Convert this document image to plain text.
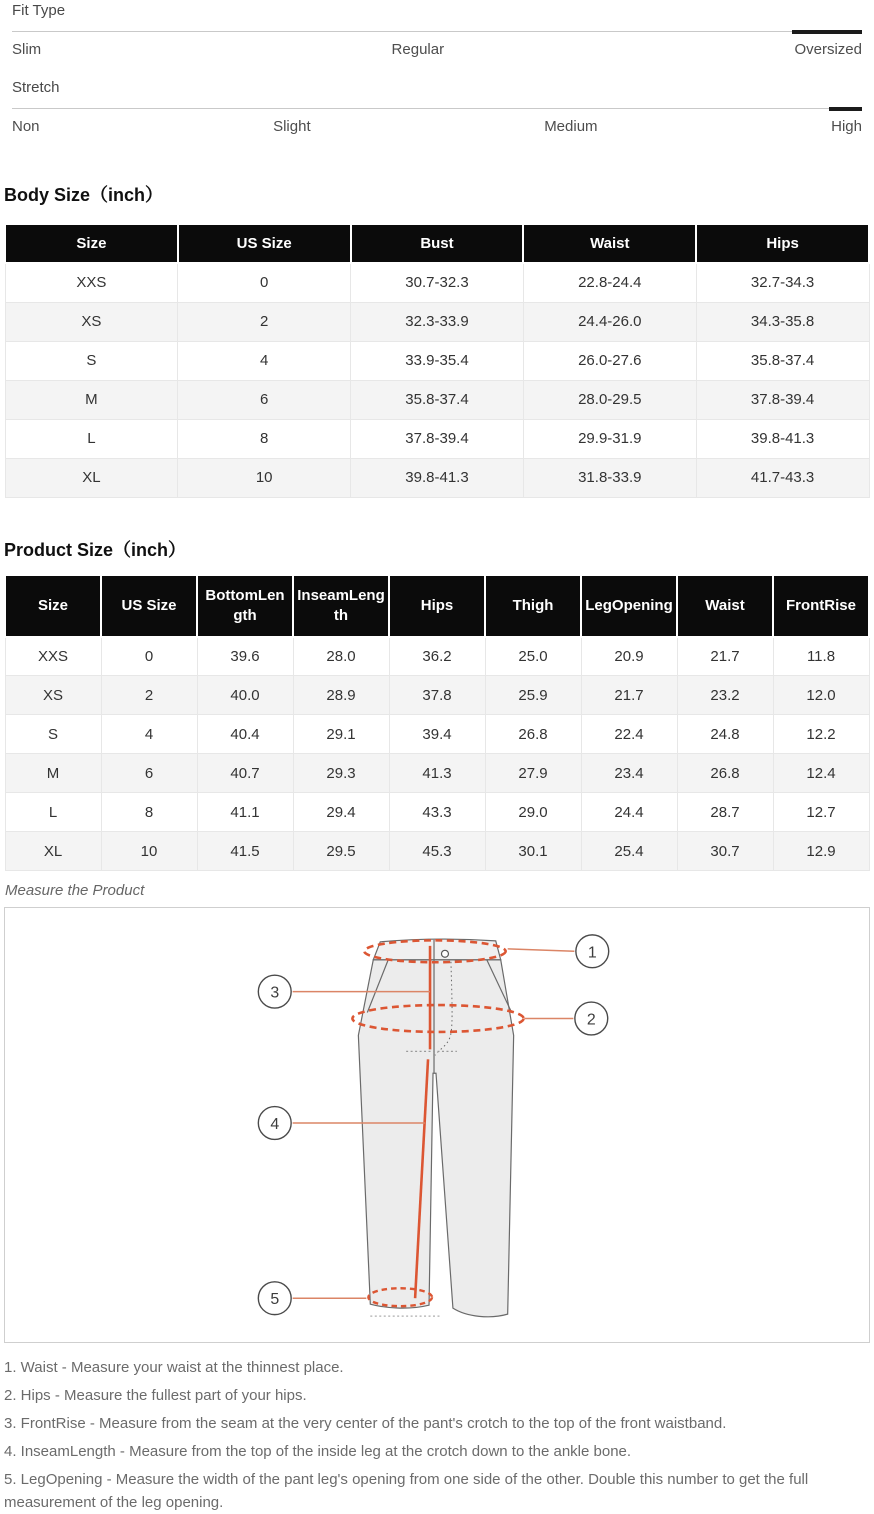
Fit Type
Slim	Regular	Oversized
Stretch
Non	Slight	Medium	High
Body Size（inch）
Size	US Size	Bust	Waist	Hips
XXS	0	30.7-32.3	22.8-24.4	32.7-34.3
XS	2	32.3-33.9	24.4-26.0	34.3-35.8
S	4	33.9-35.4	26.0-27.6	35.8-37.4
M	6	35.8-37.4	28.0-29.5	37.8-39.4
L	8	37.8-39.4	29.9-31.9	39.8-41.3
XL	10	39.8-41.3	31.8-33.9	41.7-43.3
Product Size（inch）
Size	US Size	BottomLength	InseamLength	Hips	Thigh	LegOpening	Waist	FrontRise
XXS	0	39.6	28.0	36.2	25.0	20.9	21.7	11.8
XS	2	40.0	28.9	37.8	25.9	21.7	23.2	12.0
S	4	40.4	29.1	39.4	26.8	22.4	24.8	12.2
M	6	40.7	29.3	41.3	27.9	23.4	26.8	12.4
L	8	41.1	29.4	43.3	29.0	24.4	28.7	12.7
XL	10	41.5	29.5	45.3	30.1	25.4	30.7	12.9
Measure the Product
1
2
3
4
5
1. Waist - Measure your waist at the thinnest place.
2. Hips - Measure the fullest part of your hips.
3. FrontRise - Measure from the seam at the very center of the pant's crotch to the top of the front waistband.
4. InseamLength - Measure from the top of the inside leg at the crotch down to the ankle bone.
5. LegOpening - Measure the width of the pant leg's opening from one side of the other. Double this number to get the full measurement of the leg opening.
